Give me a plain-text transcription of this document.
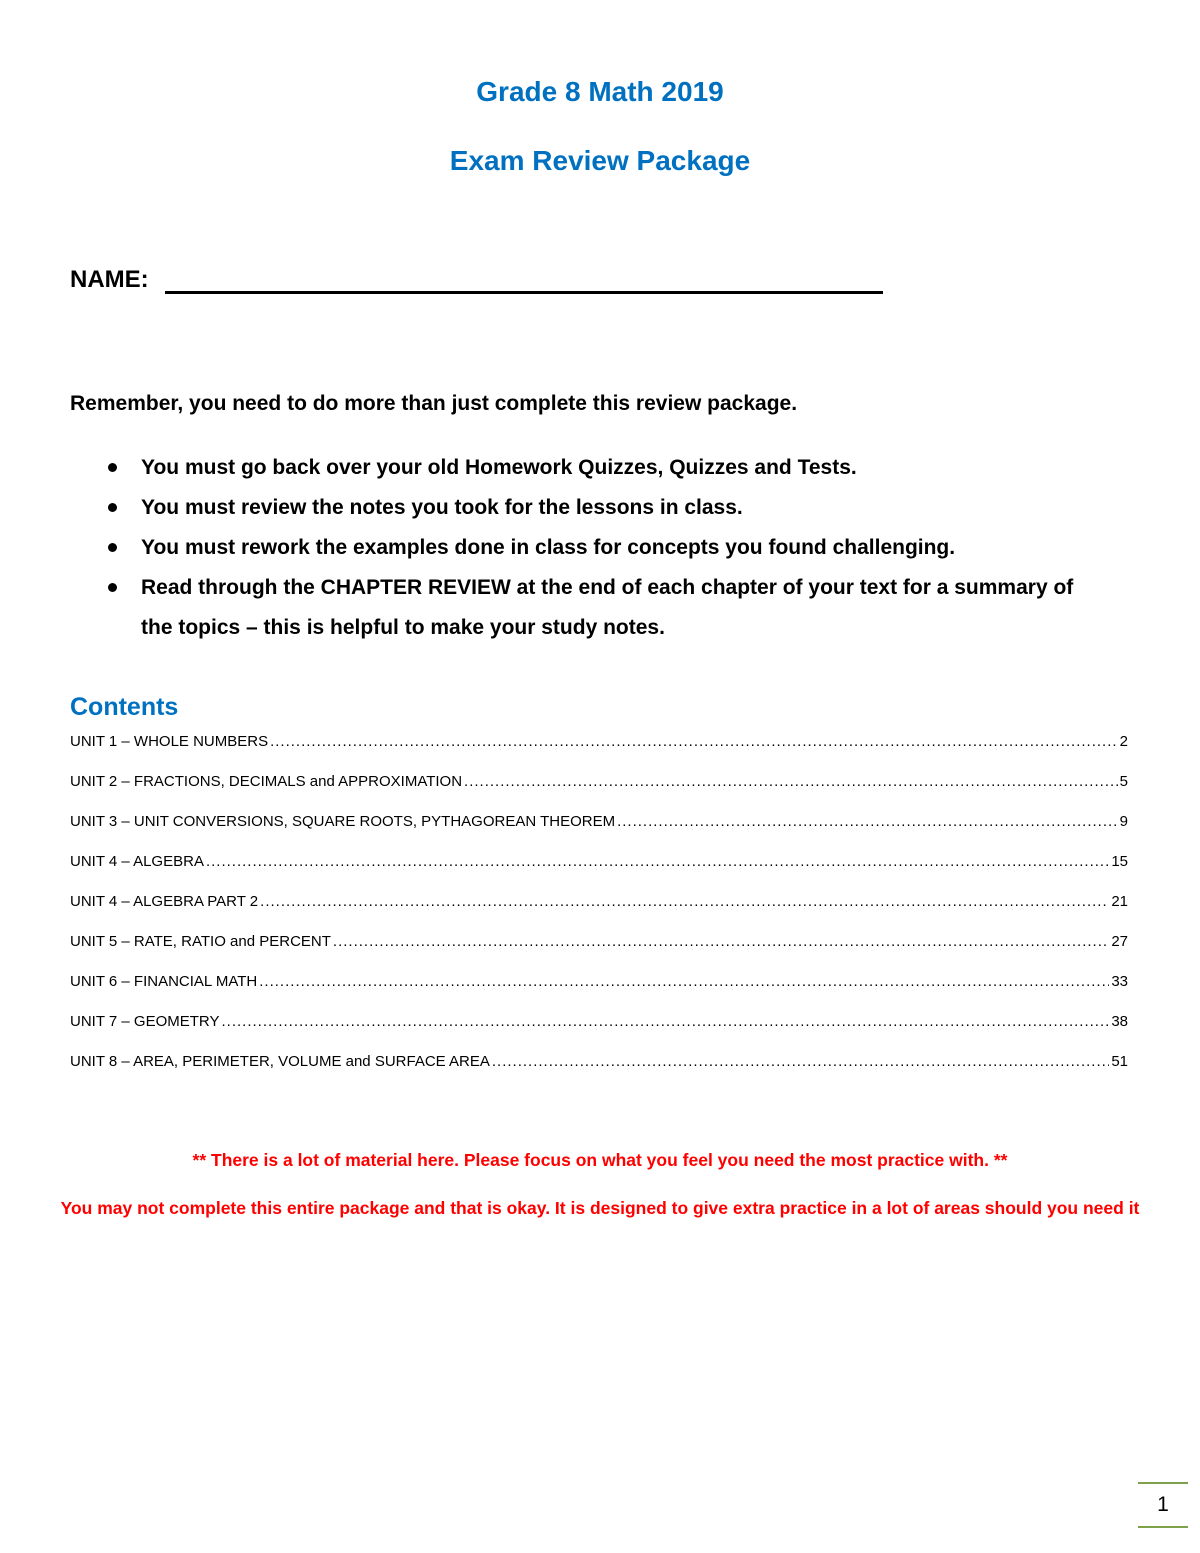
Grade 8 Math 2019
Exam Review Package
NAME:
Remember, you need to do more than just complete this review package.
You must go back over your old Homework Quizzes, Quizzes and Tests.
You must review the notes you took for the lessons in class.
You must rework the examples done in class for concepts you found challenging.
Read through the CHAPTER REVIEW at the end of each chapter of your text for a summary of the topics – this is helpful to make your study notes.
Contents
UNIT 1 – WHOLE NUMBERS .....	2
UNIT 2 – FRACTIONS, DECIMALS and APPROXIMATION .....	5
UNIT 3 – UNIT CONVERSIONS, SQUARE ROOTS, PYTHAGOREAN THEOREM .....	9
UNIT 4 – ALGEBRA .....	15
UNIT 4 – ALGEBRA PART 2 .....	21
UNIT 5 – RATE, RATIO and PERCENT .....	27
UNIT 6 – FINANCIAL MATH .....	33
UNIT 7 – GEOMETRY .....	38
UNIT 8 – AREA, PERIMETER, VOLUME and SURFACE AREA .....	51
** There is a lot of material here. Please focus on what you feel you need the most practice with. **
You may not complete this entire package and that is okay. It is designed to give extra practice in a lot of areas should you need it
1
